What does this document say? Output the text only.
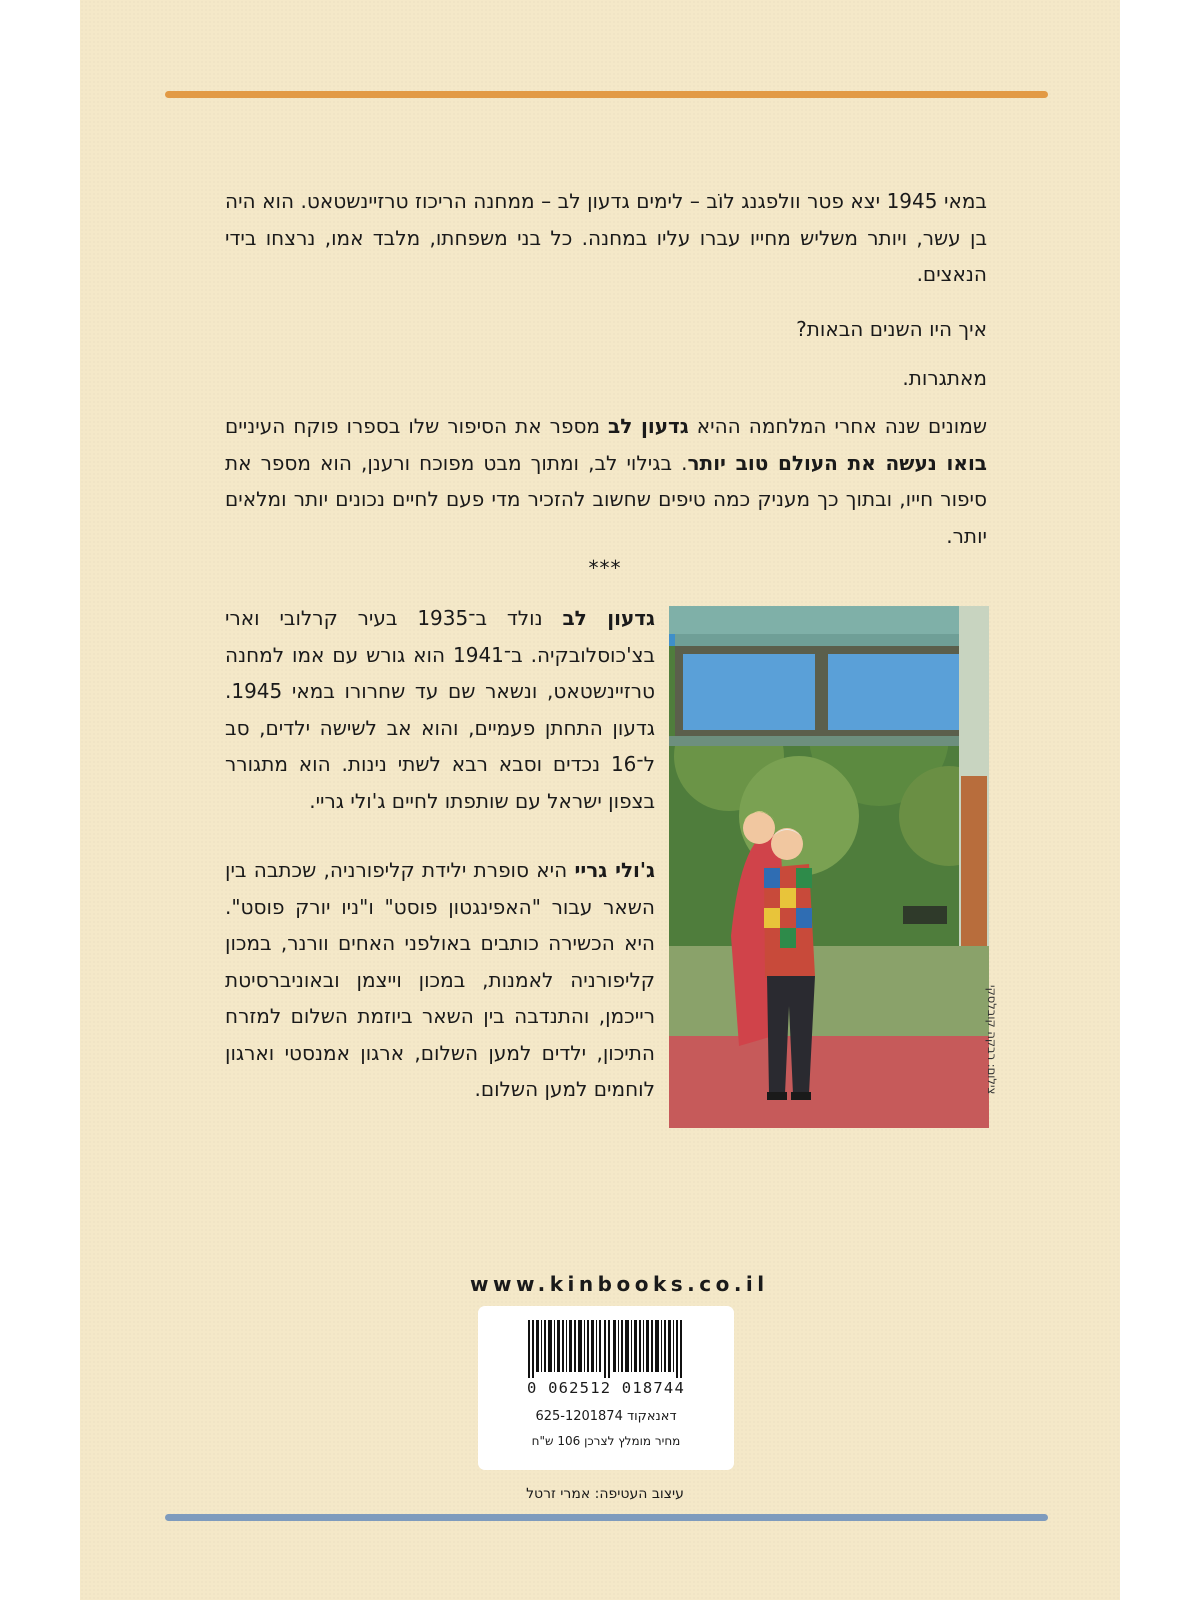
במאי 1945 יצא פטר וולפגנג לוֹב – לימים גדעון לב – ממחנה הריכוז טרזיינשטאט. הוא היה בן עשר, ויותר משליש מחייו עברו עליו במחנה. כל בני משפחתו, מלבד אמו, נרצחו בידי הנאצים.

איך היו השנים הבאות?

מאתגרות.

שמונים שנה אחרי המלחמה ההיא גדעון לב מספר את הסיפור שלו בספרו פוקח העיניים בואו נעשה את העולם טוב יותר. בגילוי לב, ומתוך מבט מפוכח ורענן, הוא מספר את סיפור חייו, ובתוך כך מעניק כמה טיפים שחשוב להזכיר מדי פעם לחיים נכונים יותר ומלאים יותר.

***

גדעון לב נולד ב־1935 בעיר קרלובי וארי בצ'כוסלובקיה. ב־1941 הוא גורש עם אמו למחנה טרזיינשטאט, ונשאר שם עד שחרורו במאי 1945. גדעון התחתן פעמיים, והוא אב לשישה ילדים, סב ל־16 נכדים וסבא רבא לשתי נינות. הוא מתגורר בצפון ישראל עם שותפתו לחיים ג'ולי גריי.

ג'ולי גריי היא סופרת ילידת קליפורניה, שכתבה בין השאר עבור "האפינגטון פוסט" ו"ניו יורק פוסט". היא הכשירה כותבים באולפני האחים וורנר, במכון קליפורניה לאמנות, במכון וייצמן ובאוניברסיטת רייכמן, והתנדבה בין השאר ביוזמת השלום למזרח התיכון, ילדים למען השלום, ארגון אמנסטי וארגון לוחמים למען השלום.	צילום: רבקה קובלסקי
www.kinbooks.co.il
0 062512 018744
דאנאקוד 625-1201874
מחיר מומלץ לצרכן 106 ש"ח
עיצוב העטיפה: אמרי זרטל
